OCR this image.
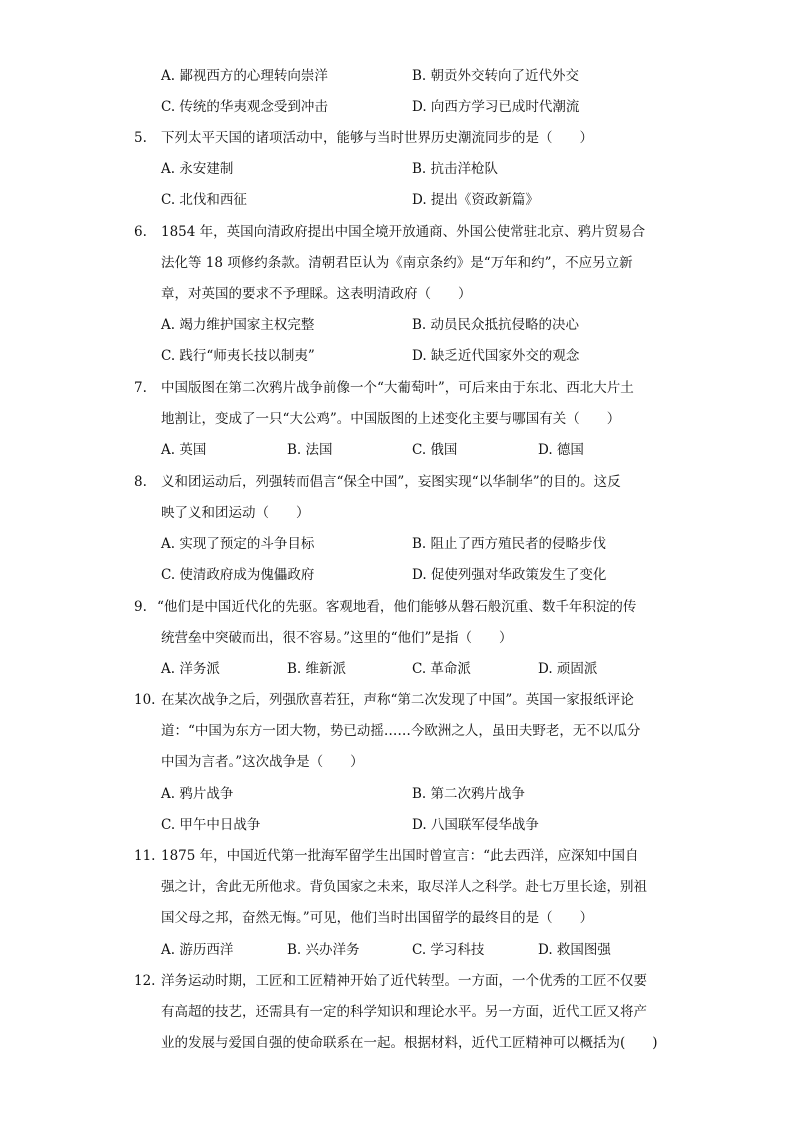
A. 鄙视西方的心理转向崇洋	B. 朝贡外交转向了近代外交
C. 传统的华夷观念受到冲击	D. 向西方学习已成时代潮流
5. 下列太平天国的诸项活动中，能够与当时世界历史潮流同步的是（　　）
A. 永安建制	B. 抗击洋枪队
C. 北伐和西征	D. 提出《资政新篇》
6. 1854 年，英国向清政府提出中国全境开放通商、外国公使常驻北京、鸦片贸易合
法化等 18 项修约条款。清朝君臣认为《南京条约》是“万年和约”，不应另立新
章，对英国的要求不予理睬。这表明清政府（　　）
A. 竭力维护国家主权完整	B. 动员民众抵抗侵略的决心
C. 践行“师夷长技以制夷”	D. 缺乏近代国家外交的观念
7. 中国版图在第二次鸦片战争前像一个“大葡萄叶”，可后来由于东北、西北大片土
地割让，变成了一只“大公鸡”。中国版图的上述变化主要与哪国有关（　　）
A. 英国	B. 法国	C. 俄国	D. 德国
8. 义和团运动后，列强转而倡言“保全中国”，妄图实现“以华制华”的目的。这反
映了义和团运动（　　）
A. 实现了预定的斗争目标	B. 阻止了西方殖民者的侵略步伐
C. 使清政府成为傀儡政府	D. 促使列强对华政策发生了变化
9. “他们是中国近代化的先驱。客观地看，他们能够从磐石般沉重、数千年积淀的传
统营垒中突破而出，很不容易。”这里的“他们”是指（　　）
A. 洋务派	B. 维新派	C. 革命派	D. 顽固派
10. 在某次战争之后，列强欣喜若狂，声称“第二次发现了中国”。英国一家报纸评论
道：“中国为东方一团大物，势已动摇……今欧洲之人，虽田夫野老，无不以瓜分
中国为言者。”这次战争是（　　）
A. 鸦片战争	B. 第二次鸦片战争
C. 甲午中日战争	D. 八国联军侵华战争
11. 1875 年，中国近代第一批海军留学生出国时曾宣言：“此去西洋，应深知中国自
强之计，舍此无所他求。背负国家之未来，取尽洋人之科学。赴七万里长途，别祖
国父母之邦，奋然无悔。”可见，他们当时出国留学的最终目的是（　　）
A. 游历西洋	B. 兴办洋务	C. 学习科技	D. 救国图强
12. 洋务运动时期，工匠和工匠精神开始了近代转型。一方面，一个优秀的工匠不仅要
有高超的技艺，还需具有一定的科学知识和理论水平。另一方面，近代工匠又将产
业的发展与爱国自强的使命联系在一起。根据材料，近代工匠精神可以概括为(　　)
